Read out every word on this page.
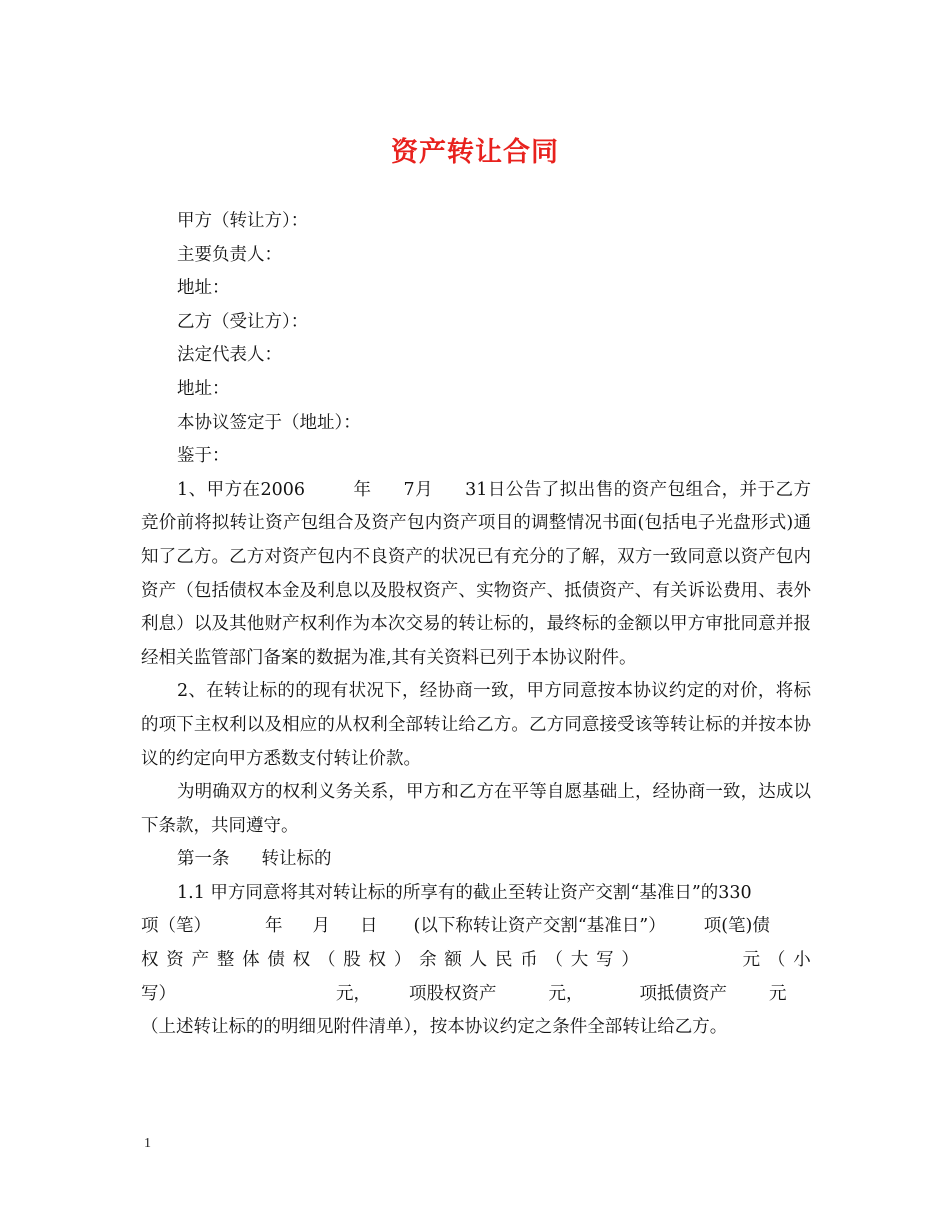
资产转让合同
甲方（转让方）：
主要负责人：
地址：
乙方（受让方）：
法定代表人：
地址：
本协议签定于（地址）：
鉴于：
1、甲方在2006	年 7月 31日公告了拟出售的资产包组合，并于乙方竞价前将拟转让资产包组合及资产包内资产项目的调整情况书面(包括电子光盘形式)通知了乙方。乙方对资产包内不良资产的状况已有充分的了解，双方一致同意以资产包内资产（包括债权本金及利息以及股权资产、实物资产、抵债资产、有关诉讼费用、表外利息）以及其他财产权利作为本次交易的转让标的，最终标的金额以甲方审批同意并报经相关监管部门备案的数据为准,其有关资料已列于本协议附件。
2、在转让标的的现有状况下，经协商一致，甲方同意按本协议约定的对价，将标的项下主权利以及相应的从权利全部转让给乙方。乙方同意接受该等转让标的并按本协议的约定向甲方悉数支付转让价款。
为明确双方的权利义务关系，甲方和乙方在平等自愿基础上，经协商一致，达成以下条款，共同遵守。
第一条 转让标的
1.1 甲方同意将其对转让标的所享有的截止至转让资产交割“基准日”的330
项（笔）	年 月 日 (以下称转让资产交割“基准日”） 项(笔)债
权 资 产 整 体 债 权 （ 股 权 ） 余 额 人 民 币 （ 大 写 ）	元 （ 小
写）	元， 项股权资产	元，	项抵债资产 元
（上述转让标的的明细见附件清单），按本协议约定之条件全部转让给乙方。
1
